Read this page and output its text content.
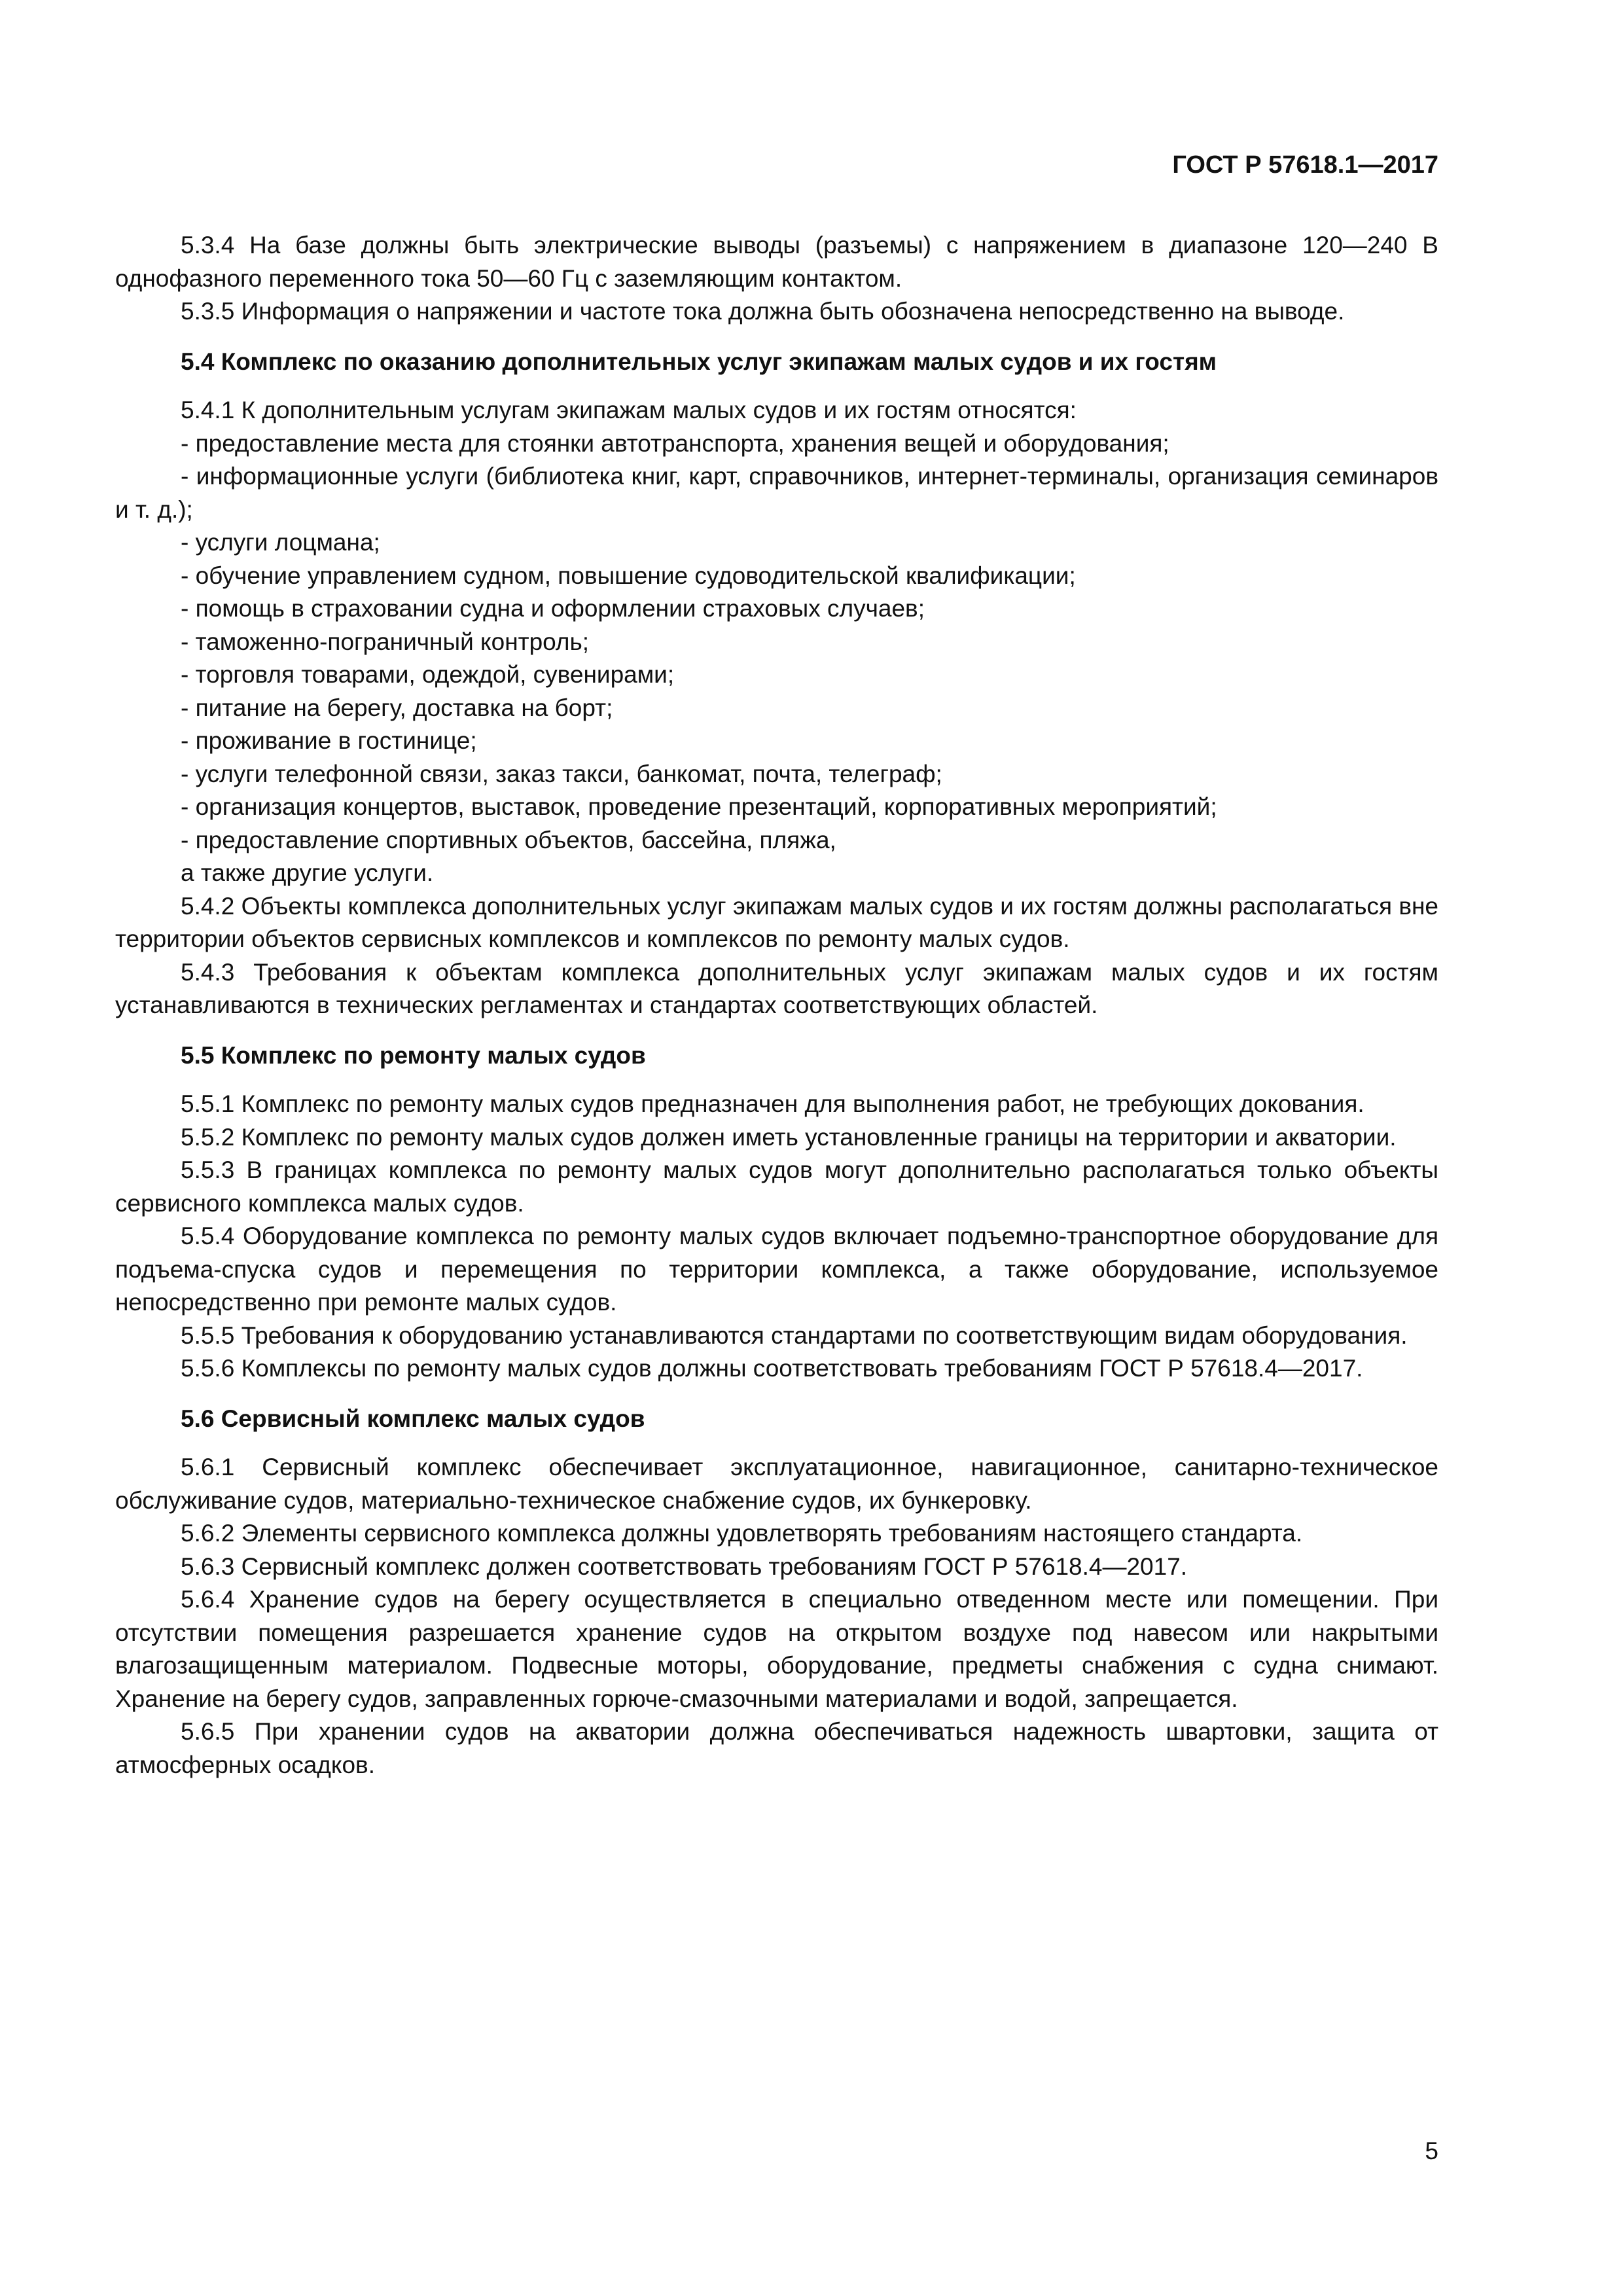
ГОСТ Р 57618.1—2017

5.3.4 На базе должны быть электрические выводы (разъемы) с напряжением в диапазоне 120—240 В однофазного переменного тока 50—60 Гц с заземляющим контактом.

5.3.5 Информация о напряжении и частоте тока должна быть обозначена непосредственно на выводе.

5.4 Комплекс по оказанию дополнительных услуг экипажам малых судов и их гостям

5.4.1 К дополнительным услугам экипажам малых судов и их гостям относятся:

- предоставление места для стоянки автотранспорта, хранения вещей и оборудования;

- информационные услуги (библиотека книг, карт, справочников, интернет-терминалы, организация семинаров и т. д.);

- услуги лоцмана;

- обучение управлением судном, повышение судоводительской квалификации;

- помощь в страховании судна и оформлении страховых случаев;

- таможенно-пограничный контроль;

- торговля товарами, одеждой, сувенирами;

- питание на берегу, доставка на борт;

- проживание в гостинице;

- услуги телефонной связи, заказ такси, банкомат, почта, телеграф;

- организация концертов, выставок, проведение презентаций, корпоративных мероприятий;

- предоставление спортивных объектов, бассейна, пляжа,

а также другие услуги.

5.4.2 Объекты комплекса дополнительных услуг экипажам малых судов и их гостям должны располагаться вне территории объектов сервисных комплексов и комплексов по ремонту малых судов.

5.4.3 Требования к объектам комплекса дополнительных услуг экипажам малых судов и их гостям устанавливаются в технических регламентах и стандартах соответствующих областей.

5.5 Комплекс по ремонту малых судов

5.5.1 Комплекс по ремонту малых судов предназначен для выполнения работ, не требующих докования.

5.5.2 Комплекс по ремонту малых судов должен иметь установленные границы на территории и акватории.

5.5.3 В границах комплекса по ремонту малых судов могут дополнительно располагаться только объекты сервисного комплекса малых судов.

5.5.4 Оборудование комплекса по ремонту малых судов включает подъемно-транспортное оборудование для подъема-спуска судов и перемещения по территории комплекса, а также оборудование, используемое непосредственно при ремонте малых судов.

5.5.5 Требования к оборудованию устанавливаются стандартами по соответствующим видам оборудования.

5.5.6 Комплексы по ремонту малых судов должны соответствовать требованиям ГОСТ Р 57618.4—2017.

5.6 Сервисный комплекс малых судов

5.6.1 Сервисный комплекс обеспечивает эксплуатационное, навигационное, санитарно-техническое обслуживание судов, материально-техническое снабжение судов, их бункеровку.

5.6.2 Элементы сервисного комплекса должны удовлетворять требованиям настоящего стандарта.

5.6.3 Сервисный комплекс должен соответствовать требованиям ГОСТ Р 57618.4—2017.

5.6.4 Хранение судов на берегу осуществляется в специально отведенном месте или помещении. При отсутствии помещения разрешается хранение судов на открытом воздухе под навесом или накрытыми влагозащищенным материалом. Подвесные моторы, оборудование, предметы снабжения с судна снимают. Хранение на берегу судов, заправленных горюче-смазочными материалами и водой, запрещается.

5.6.5 При хранении судов на акватории должна обеспечиваться надежность швартовки, защита от атмосферных осадков.

5
